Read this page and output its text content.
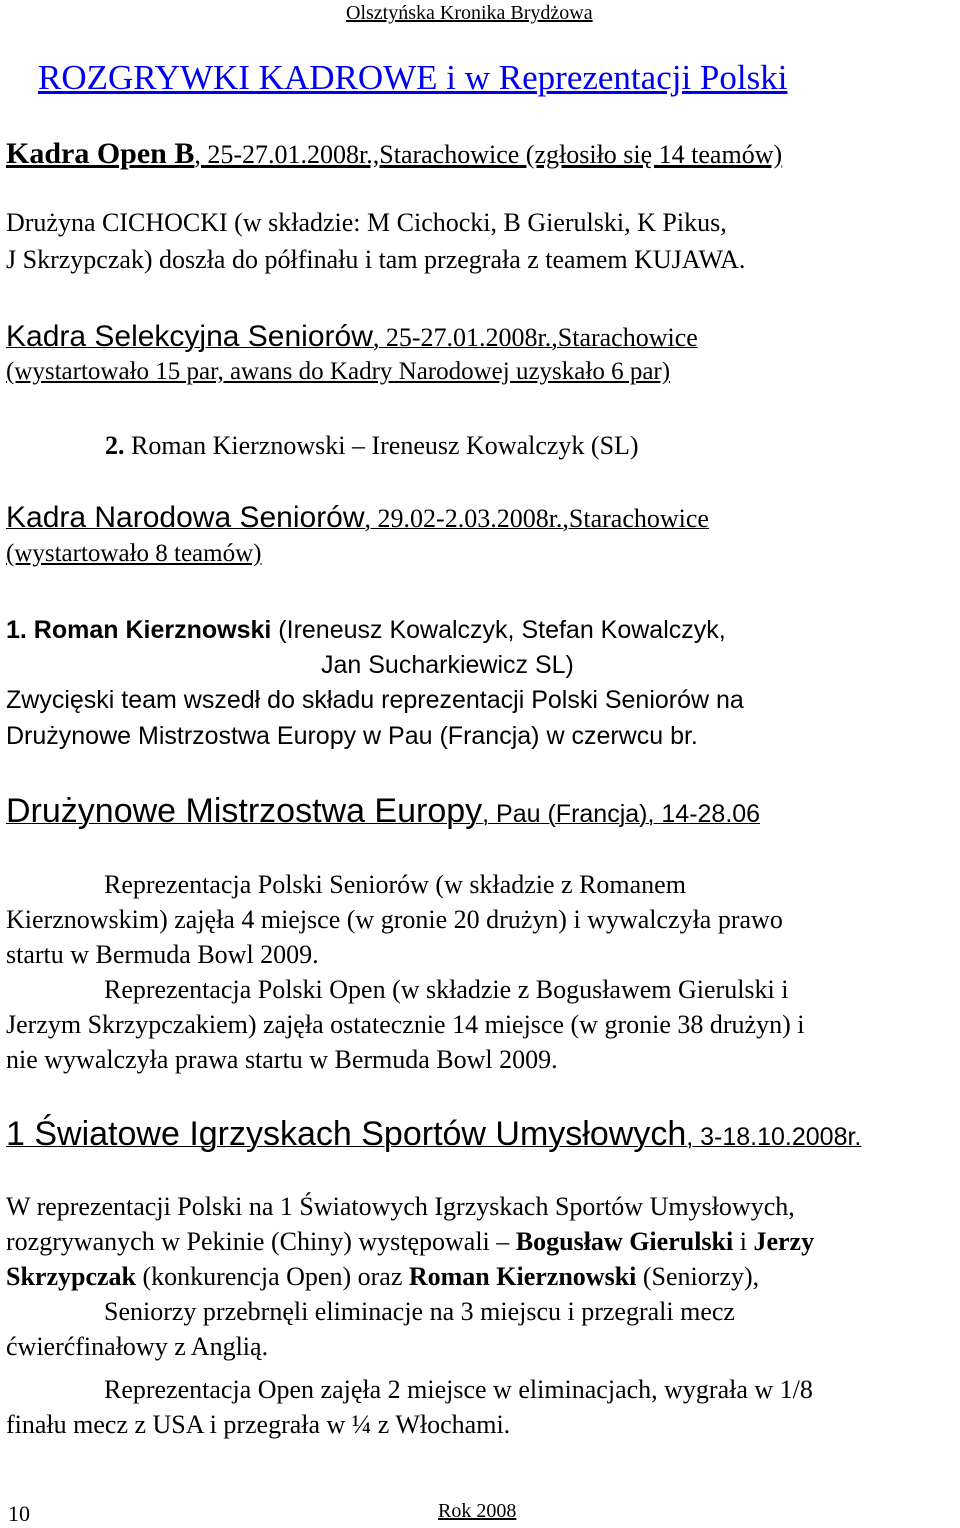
Olsztyńska Kronika Brydżowa
ROZGRYWKI KADROWE i w Reprezentacji Polski
Kadra Open B, 25-27.01.2008r.,Starachowice (zgłosiło się 14 teamów)
Drużyna CICHOCKI (w składzie: M Cichocki, B Gierulski, K Pikus,
J Skrzypczak) doszła do półfinału i tam przegrała z teamem KUJAWA.
Kadra Selekcyjna Seniorów, 25-27.01.2008r.,Starachowice
(wystartowało 15 par, awans do Kadry Narodowej uzyskało 6 par)
2. Roman Kierznowski – Ireneusz Kowalczyk (SL)
Kadra Narodowa Seniorów, 29.02-2.03.2008r.,Starachowice
(wystartowało 8 teamów)
1. Roman Kierznowski (Ireneusz Kowalczyk, Stefan Kowalczyk,
Jan Sucharkiewicz SL)
Zwycięski team wszedł do składu reprezentacji Polski Seniorów na
Drużynowe Mistrzostwa Europy w Pau (Francja) w czerwcu br.
Drużynowe Mistrzostwa Europy, Pau (Francja), 14-28.06
Reprezentacja Polski Seniorów (w składzie z Romanem
Kierznowskim) zajęła 4 miejsce (w gronie 20 drużyn) i wywalczyła prawo
startu w Bermuda Bowl 2009.
Reprezentacja Polski Open (w składzie z Bogusławem Gierulski i
Jerzym Skrzypczakiem) zajęła ostatecznie 14 miejsce (w gronie 38 drużyn) i
nie wywalczyła prawa startu w Bermuda Bowl 2009.
1 Światowe Igrzyskach Sportów Umysłowych, 3-18.10.2008r.
W reprezentacji Polski na 1 Światowych Igrzyskach Sportów Umysłowych,
rozgrywanych w Pekinie (Chiny) występowali – Bogusław Gierulski i Jerzy
Skrzypczak (konkurencja Open) oraz Roman Kierznowski (Seniorzy),
Seniorzy przebrnęli eliminacje na 3 miejscu i przegrali mecz
ćwierćfinałowy z Anglią.
Reprezentacja Open zajęła 2 miejsce w eliminacjach, wygrała w 1/8
finału mecz z USA i przegrała w ¼ z Włochami.
10	Rok 2008
